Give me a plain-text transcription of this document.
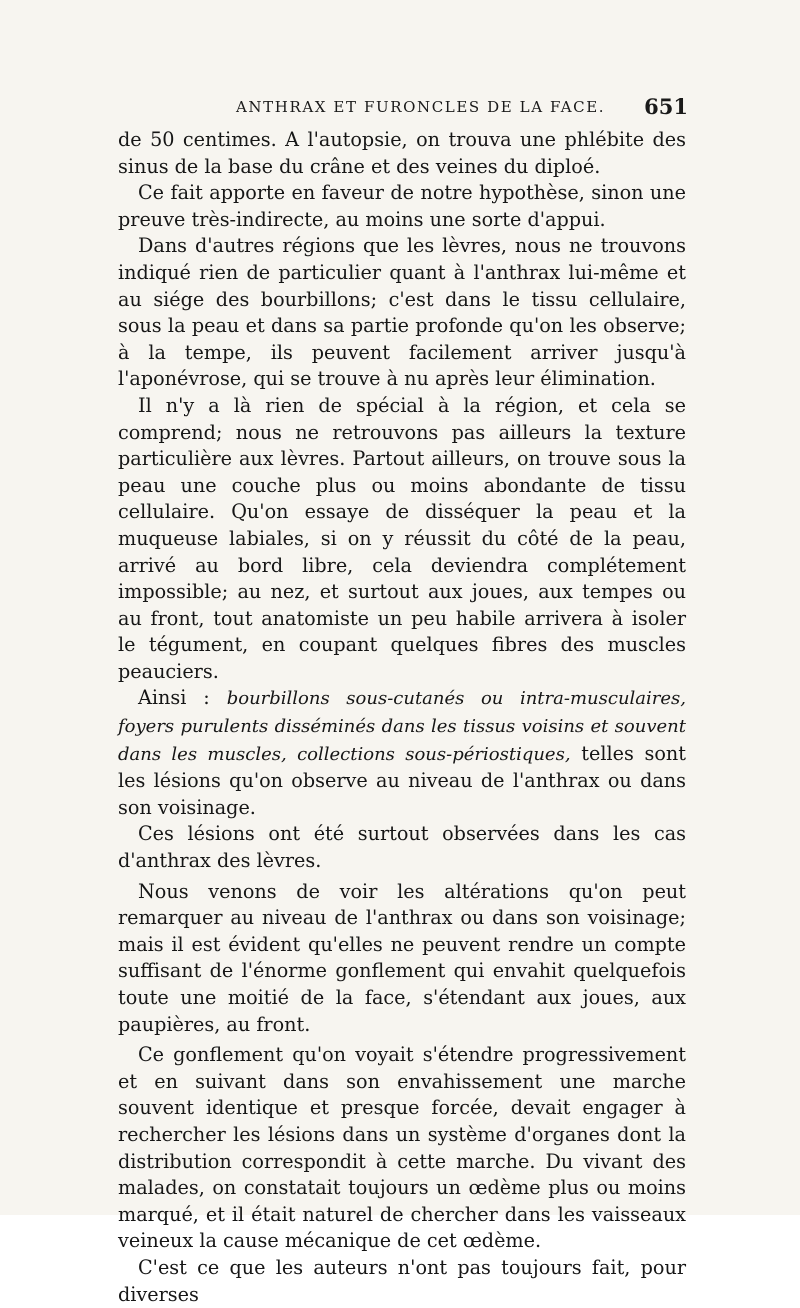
ANTHRAX ET FURONCLES DE LA FACE. 651

de 50 centimes. A l'autopsie, on trouva une phlébite des sinus de la base du crâne et des veines du diploé.

Ce fait apporte en faveur de notre hypothèse, sinon une preuve très-indirecte, au moins une sorte d'appui.

Dans d'autres régions que les lèvres, nous ne trouvons indiqué rien de particulier quant à l'anthrax lui-même et au siége des bourbillons; c'est dans le tissu cellulaire, sous la peau et dans sa partie profonde qu'on les observe; à la tempe, ils peuvent facilement arriver jusqu'à l'aponévrose, qui se trouve à nu après leur élimination.

Il n'y a là rien de spécial à la région, et cela se comprend; nous ne retrouvons pas ailleurs la texture particulière aux lèvres. Partout ailleurs, on trouve sous la peau une couche plus ou moins abondante de tissu cellulaire. Qu'on essaye de disséquer la peau et la muqueuse labiales, si on y réussit du côté de la peau, arrivé au bord libre, cela deviendra complétement impossible; au nez, et surtout aux joues, aux tempes ou au front, tout anatomiste un peu habile arrivera à isoler le tégument, en coupant quelques fibres des muscles peauciers.

Ainsi : bourbillons sous-cutanés ou intra-musculaires, foyers purulents disséminés dans les tissus voisins et souvent dans les muscles, collections sous-périostiques, telles sont les lésions qu'on observe au niveau de l'anthrax ou dans son voisinage.

Ces lésions ont été surtout observées dans les cas d'anthrax des lèvres.

Nous venons de voir les altérations qu'on peut remarquer au niveau de l'anthrax ou dans son voisinage; mais il est évident qu'elles ne peuvent rendre un compte suffisant de l'énorme gonflement qui envahit quelquefois toute une moitié de la face, s'étendant aux joues, aux paupières, au front.

Ce gonflement qu'on voyait s'étendre progressivement et en suivant dans son envahissement une marche souvent identique et presque forcée, devait engager à rechercher les lésions dans un système d'organes dont la distribution correspondit à cette marche. Du vivant des malades, on constatait toujours un œdème plus ou moins marqué, et il était naturel de chercher dans les vaisseaux veineux la cause mécanique de cet œdème.

C'est ce que les auteurs n'ont pas toujours fait, pour diverses
